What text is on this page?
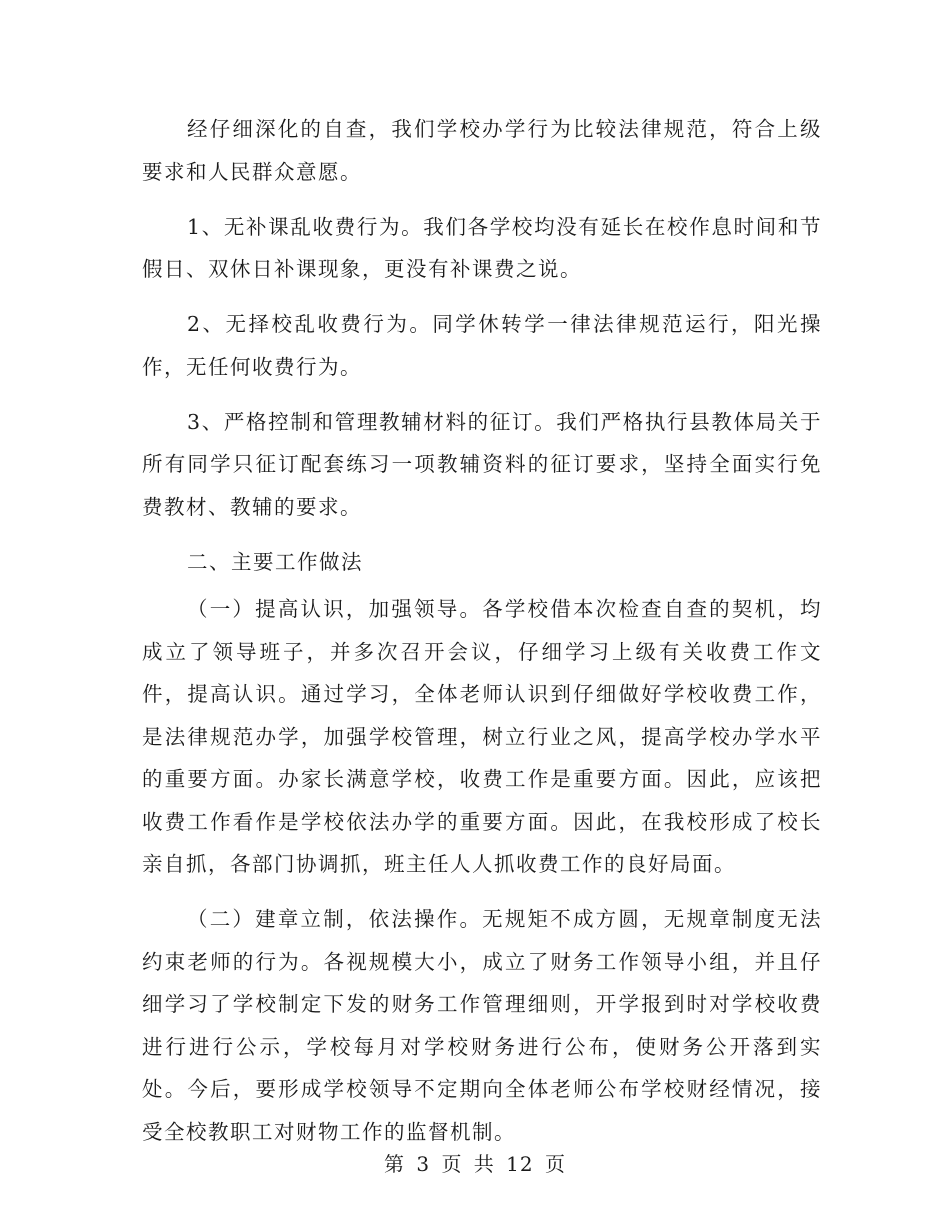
经仔细深化的自查，我们学校办学行为比较法律规范，符合上级要求和人民群众意愿。

1、无补课乱收费行为。我们各学校均没有延长在校作息时间和节假日、双休日补课现象，更没有补课费之说。

2、无择校乱收费行为。同学休转学一律法律规范运行，阳光操作，无任何收费行为。

3、严格控制和管理教辅材料的征订。我们严格执行县教体局关于所有同学只征订配套练习一项教辅资料的征订要求，坚持全面实行免费教材、教辅的要求。

二、主要工作做法

（一）提高认识，加强领导。各学校借本次检查自查的契机，均成立了领导班子，并多次召开会议，仔细学习上级有关收费工作文件，提高认识。通过学习，全体老师认识到仔细做好学校收费工作，是法律规范办学，加强学校管理，树立行业之风，提高学校办学水平的重要方面。办家长满意学校，收费工作是重要方面。因此，应该把收费工作看作是学校依法办学的重要方面。因此，在我校形成了校长亲自抓，各部门协调抓，班主任人人抓收费工作的良好局面。

（二）建章立制，依法操作。无规矩不成方圆，无规章制度无法约束老师的行为。各视规模大小，成立了财务工作领导小组，并且仔细学习了学校制定下发的财务工作管理细则，开学报到时对学校收费进行进行公示，学校每月对学校财务进行公布，使财务公开落到实处。今后，要形成学校领导不定期向全体老师公布学校财经情况，接受全校教职工对财物工作的监督机制。

第 3 页 共 12 页
